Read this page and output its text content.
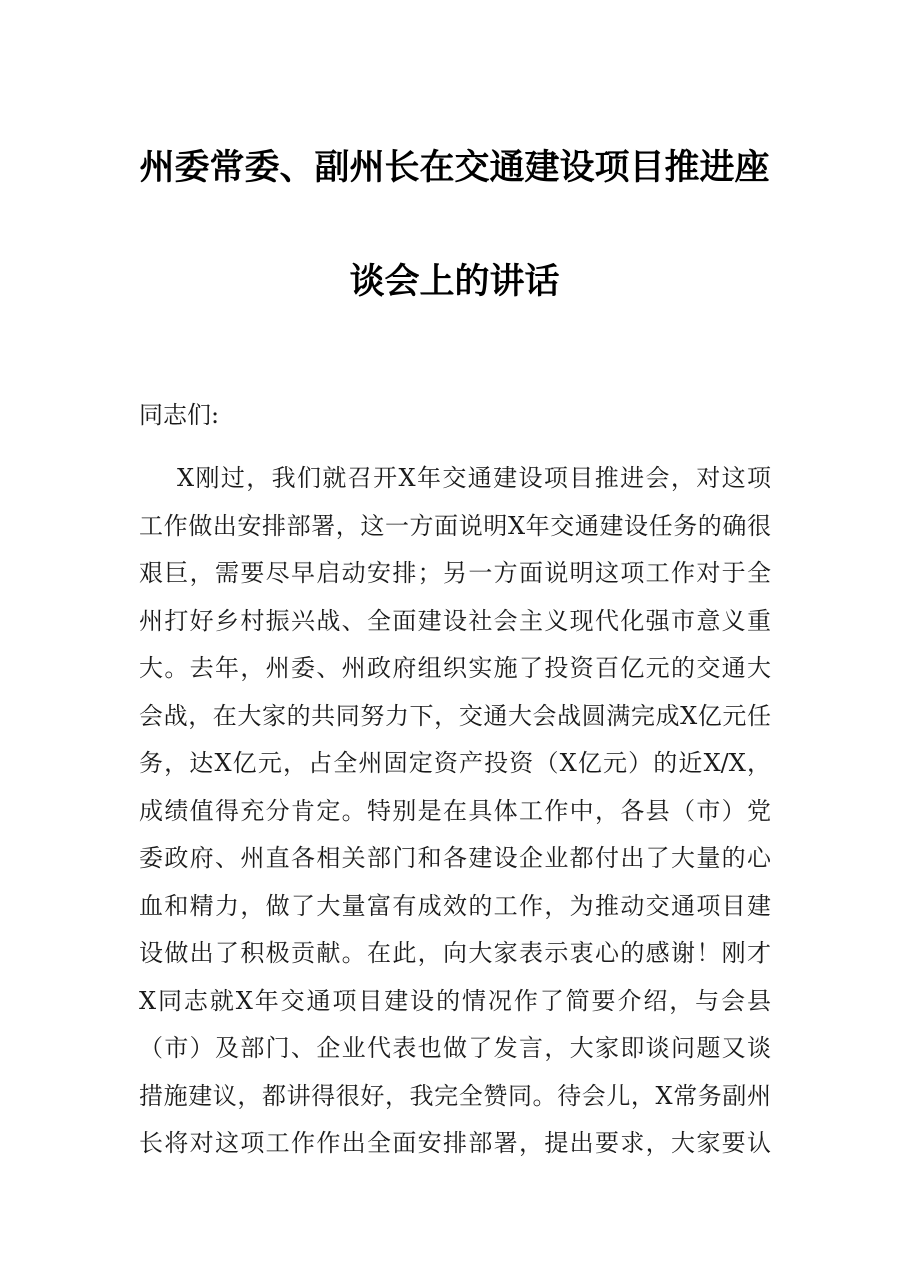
州委常委、副州长在交通建设项目推进座
谈会上的讲话
同志们:
X刚过，我们就召开X年交通建设项目推进会，对这项
工作做出安排部署，这一方面说明X年交通建设任务的确很
艰巨，需要尽早启动安排；另一方面说明这项工作对于全
州打好乡村振兴战、全面建设社会主义现代化强市意义重
大。去年，州委、州政府组织实施了投资百亿元的交通大
会战，在大家的共同努力下，交通大会战圆满完成X亿元任
务，达X亿元，占全州固定资产投资（X亿元）的近X/X，
成绩值得充分肯定。特别是在具体工作中，各县（市）党
委政府、州直各相关部门和各建设企业都付出了大量的心
血和精力，做了大量富有成效的工作，为推动交通项目建
设做出了积极贡献。在此，向大家表示衷心的感谢！刚才
X同志就X年交通项目建设的情况作了简要介绍，与会县
（市）及部门、企业代表也做了发言，大家即谈问题又谈
措施建议，都讲得很好，我完全赞同。待会儿，X常务副州
长将对这项工作作出全面安排部署，提出要求，大家要认
